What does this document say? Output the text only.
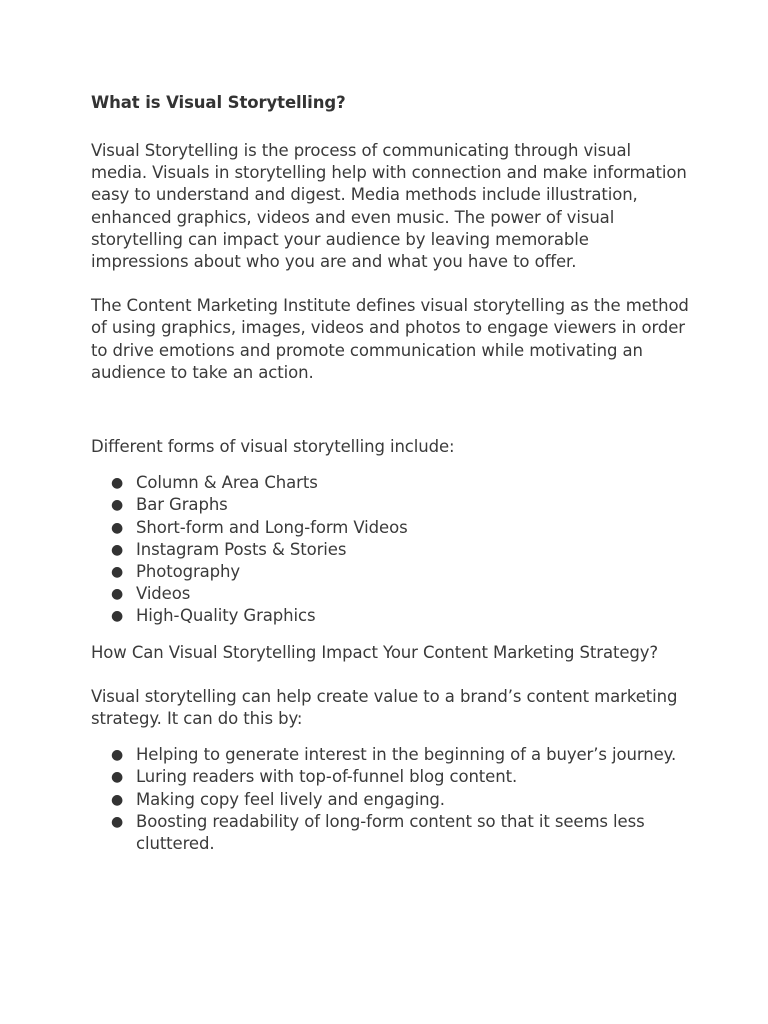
What is Visual Storytelling?

Visual Storytelling is the process of communicating through visual media. Visuals in storytelling help with connection and make information easy to understand and digest. Media methods include illustration, enhanced graphics, videos and even music. The power of visual storytelling can impact your audience by leaving memorable impressions about who you are and what you have to offer.

The Content Marketing Institute defines visual storytelling as the method of using graphics, images, videos and photos to engage viewers in order to drive emotions and promote communication while motivating an audience to take an action.

Different forms of visual storytelling include:

● Column & Area Charts
● Bar Graphs
● Short-form and Long-form Videos
● Instagram Posts & Stories
● Photography
● Videos
● High-Quality Graphics

How Can Visual Storytelling Impact Your Content Marketing Strategy?

Visual storytelling can help create value to a brand’s content marketing strategy. It can do this by:

● Helping to generate interest in the beginning of a buyer’s journey.
● Luring readers with top-of-funnel blog content.
● Making copy feel lively and engaging.
● Boosting readability of long-form content so that it seems less cluttered.
